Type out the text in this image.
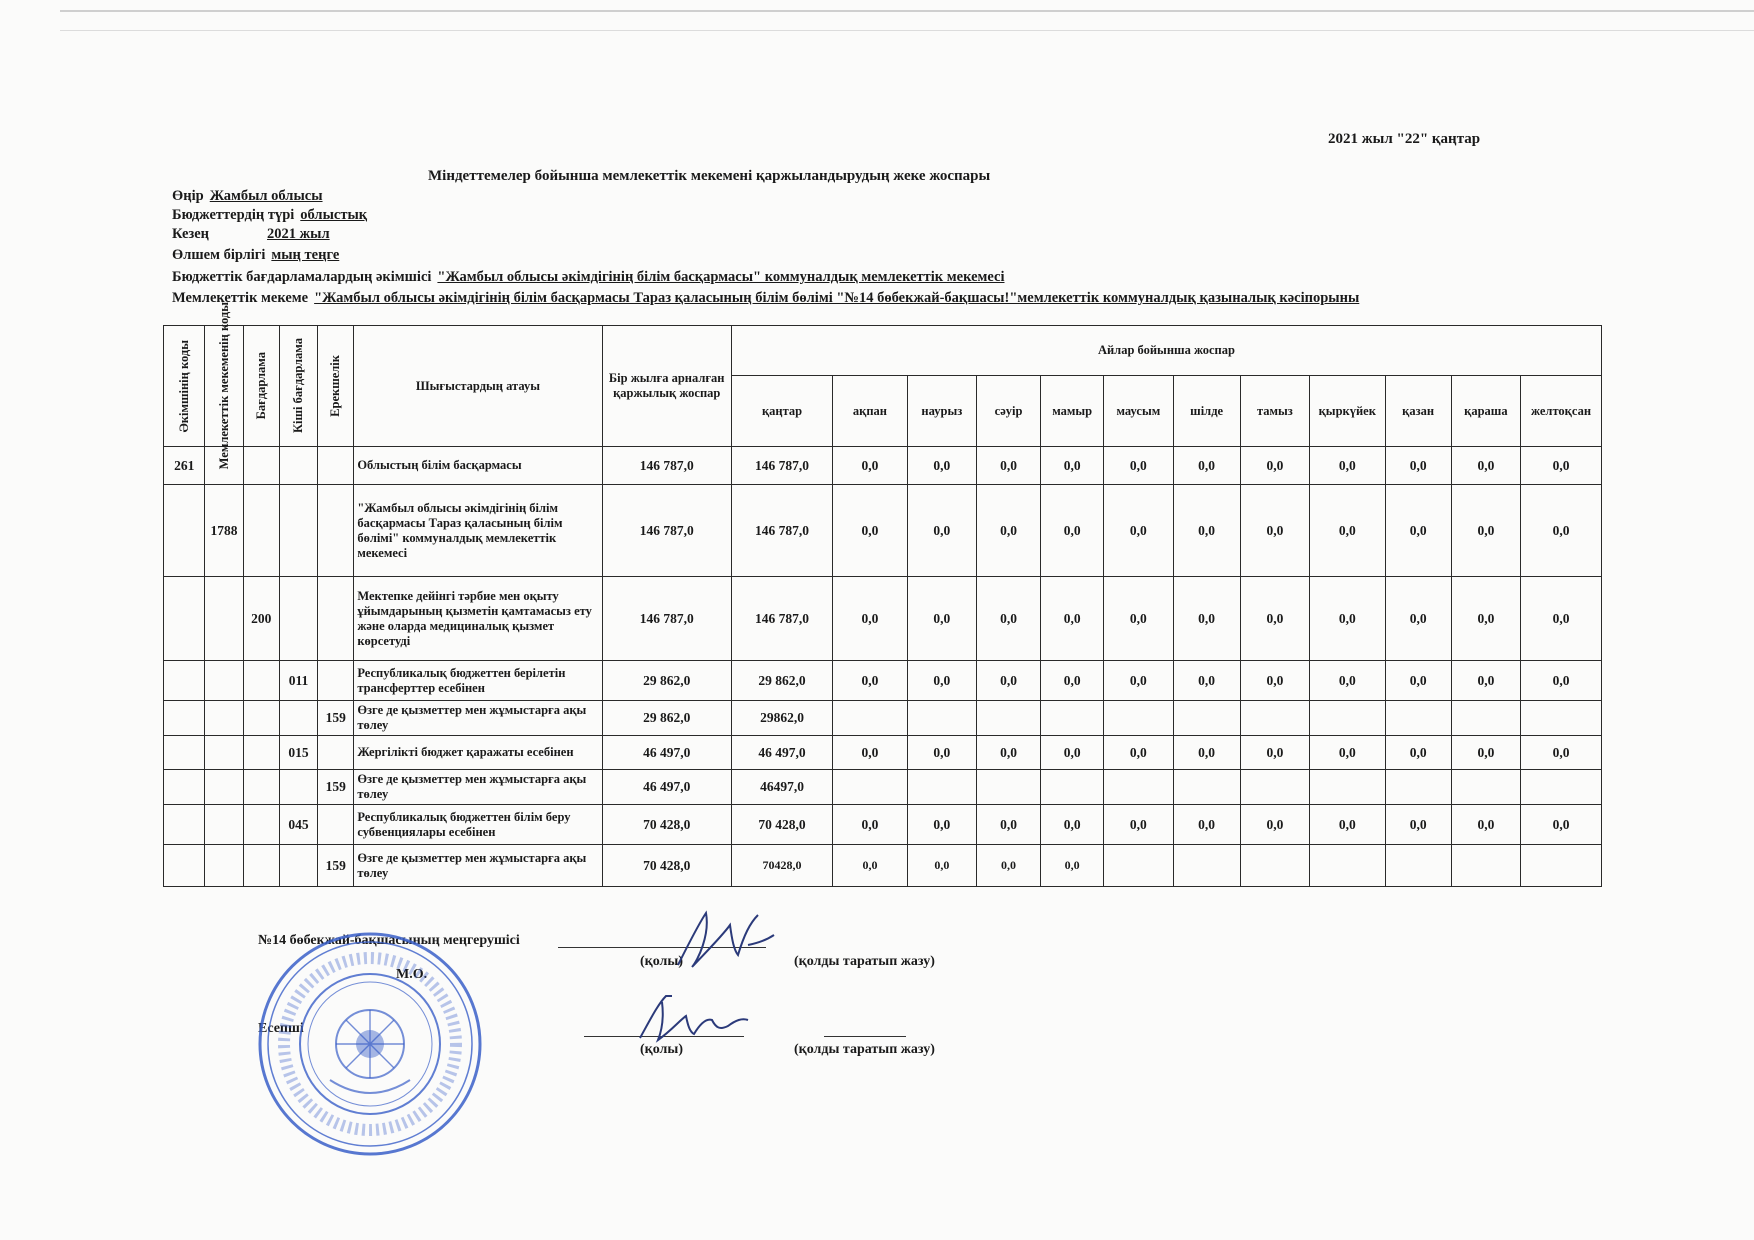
2021 жыл "22" қаңтар
Міндеттемелер бойынша мемлекеттік мекемені қаржыландырудың жеке жоспары
Өңір Жамбыл облысы
Бюджеттердің түрі облыстық
Кезең	2021 жыл
Өлшем бірлігі мың теңге
Бюджеттік бағдарламалардың әкімшісі "Жамбыл облысы әкімдігінің білім басқармасы" коммуналдық мемлекеттік мекемесі
Мемлекеттік мекеме "Жамбыл облысы әкімдігінің білім басқармасы Тараз қаласының білім бөлімі "№14 бөбекжай-бақшасы!"мемлекеттік коммуналдық қазыналық кәсіпорыны
Әкімшінің коды	Мемлекеттік мекеменің коды	Бағдарлама	Кіші бағдарлама	Ерекшелік	Шығыстардың атауы	Бір жылға арналған қаржылық жоспар	Айлар бойынша жоспар											
							қаңтар	ақпан	наурыз	сәуір	мамыр	маусым	шілде	тамыз	қыркүйек	қазан	қараша	желтоқсан
261					Облыстың білім басқармасы	146 787,0	146 787,0	0,0	0,0	0,0	0,0	0,0	0,0	0,0	0,0	0,0	0,0	0,0
	1788				"Жамбыл облысы әкімдігінің білім басқармасы Тараз қаласының білім бөлімі" коммуналдық мемлекеттік мекемесі	146 787,0	146 787,0	0,0	0,0	0,0	0,0	0,0	0,0	0,0	0,0	0,0	0,0	0,0
		200			Мектепке дейінгі тәрбие мен оқыту ұйымдарының қызметін қамтамасыз ету және оларда медициналық қызмет көрсетуді	146 787,0	146 787,0	0,0	0,0	0,0	0,0	0,0	0,0	0,0	0,0	0,0	0,0	0,0
			011		Республикалық бюджеттен берілетін трансферттер есебінен	29 862,0	29 862,0	0,0	0,0	0,0	0,0	0,0	0,0	0,0	0,0	0,0	0,0	0,0
				159	Өзге де қызметтер мен жұмыстарға ақы төлеу	29 862,0	29862,0											
			015		Жергілікті бюджет қаражаты есебінен	46 497,0	46 497,0	0,0	0,0	0,0	0,0	0,0	0,0	0,0	0,0	0,0	0,0	0,0
				159	Өзге де қызметтер мен жұмыстарға ақы төлеу	46 497,0	46497,0											
			045		Республикалық бюджеттен білім беру субвенциялары есебінен	70 428,0	70 428,0	0,0	0,0	0,0	0,0	0,0	0,0	0,0	0,0	0,0	0,0	0,0
				159	Өзге де қызметтер мен жұмыстарға ақы төлеу	70 428,0	70428,0	0,0	0,0	0,0	0,0							
№14 бөбекжай-бақшасының меңгерушісі
(қолы)	(қолды таратып жазу)
М.О.
Есепші
(қолы)	(қолды таратып жазу)
